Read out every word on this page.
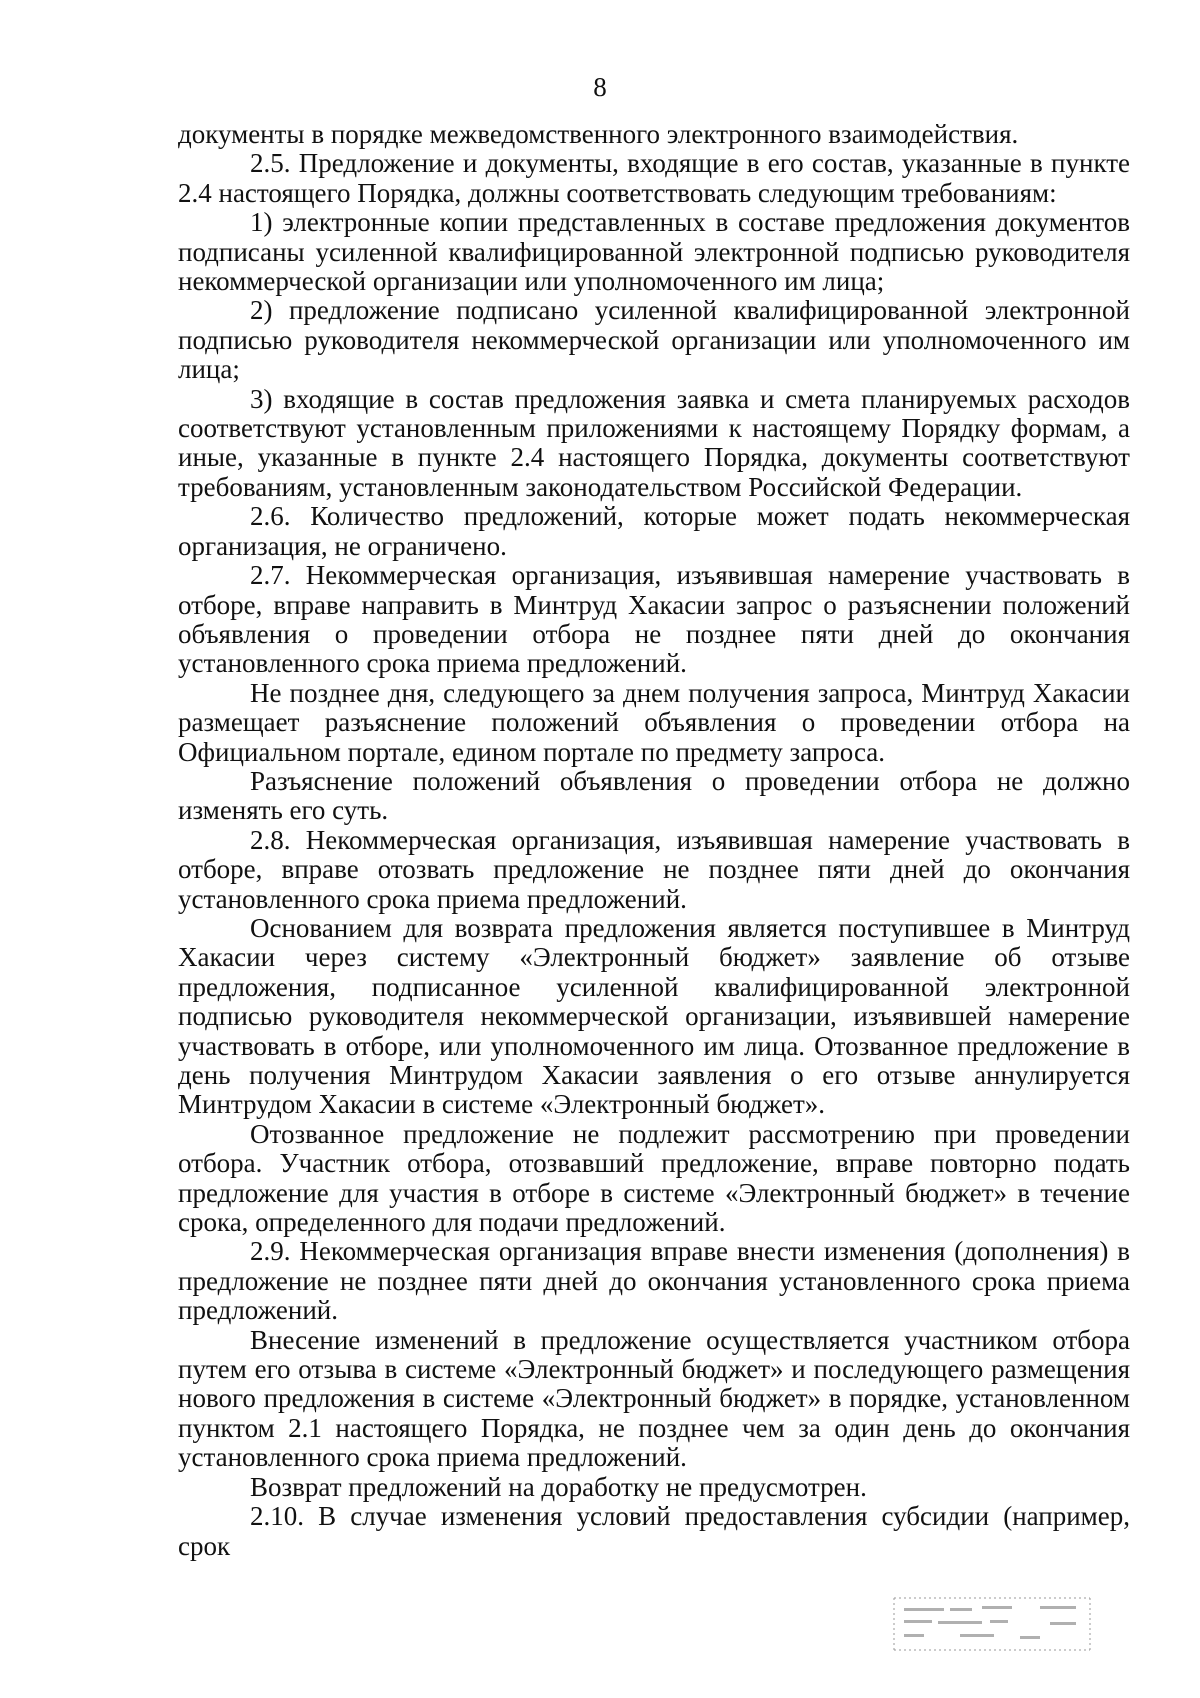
8

документы в порядке межведомственного электронного взаимодействия.

2.5. Предложение и документы, входящие в его состав, указанные в пункте 2.4 настоящего Порядка, должны соответствовать следующим требованиям:

1) электронные копии представленных в составе предложения документов подписаны усиленной квалифицированной электронной подписью руководителя некоммерческой организации или уполномоченного им лица;

2) предложение подписано усиленной квалифицированной электронной подписью руководителя некоммерческой организации или уполномоченного им лица;

3) входящие в состав предложения заявка и смета планируемых расходов соответствуют установленным приложениями к настоящему Порядку формам, а иные, указанные в пункте 2.4 настоящего Порядка, документы соответствуют требованиям, установленным законодательством Российской Федерации.

2.6. Количество предложений, которые может подать некоммерческая организация, не ограничено.

2.7. Некоммерческая организация, изъявившая намерение участвовать в отборе, вправе направить в Минтруд Хакасии запрос о разъяснении положений объявления о проведении отбора не позднее пяти дней до окончания установленного срока приема предложений.

Не позднее дня, следующего за днем получения запроса, Минтруд Хакасии размещает разъяснение положений объявления о проведении отбора на Официальном портале, едином портале по предмету запроса.

Разъяснение положений объявления о проведении отбора не должно изменять его суть.

2.8. Некоммерческая организация, изъявившая намерение участвовать в отборе, вправе отозвать предложение не позднее пяти дней до окончания установленного срока приема предложений.

Основанием для возврата предложения является поступившее в Минтруд Хакасии через систему «Электронный бюджет» заявление об отзыве предложения, подписанное усиленной квалифицированной электронной подписью руководителя некоммерческой организации, изъявившей намерение участвовать в отборе, или уполномоченного им лица. Отозванное предложение в день получения Минтрудом Хакасии заявления о его отзыве аннулируется Минтрудом Хакасии в системе «Электронный бюджет».

Отозванное предложение не подлежит рассмотрению при проведении отбора. Участник отбора, отозвавший предложение, вправе повторно подать предложение для участия в отборе в системе «Электронный бюджет» в течение срока, определенного для подачи предложений.

2.9. Некоммерческая организация вправе внести изменения (дополнения) в предложение не позднее пяти дней до окончания установленного срока приема предложений.

Внесение изменений в предложение осуществляется участником отбора путем его отзыва в системе «Электронный бюджет» и последующего размещения нового предложения в системе «Электронный бюджет» в порядке, установленном пунктом 2.1 настоящего Порядка, не позднее чем за один день до окончания установленного срока приема предложений.

Возврат предложений на доработку не предусмотрен.

2.10. В случае изменения условий предоставления субсидии (например, срок
